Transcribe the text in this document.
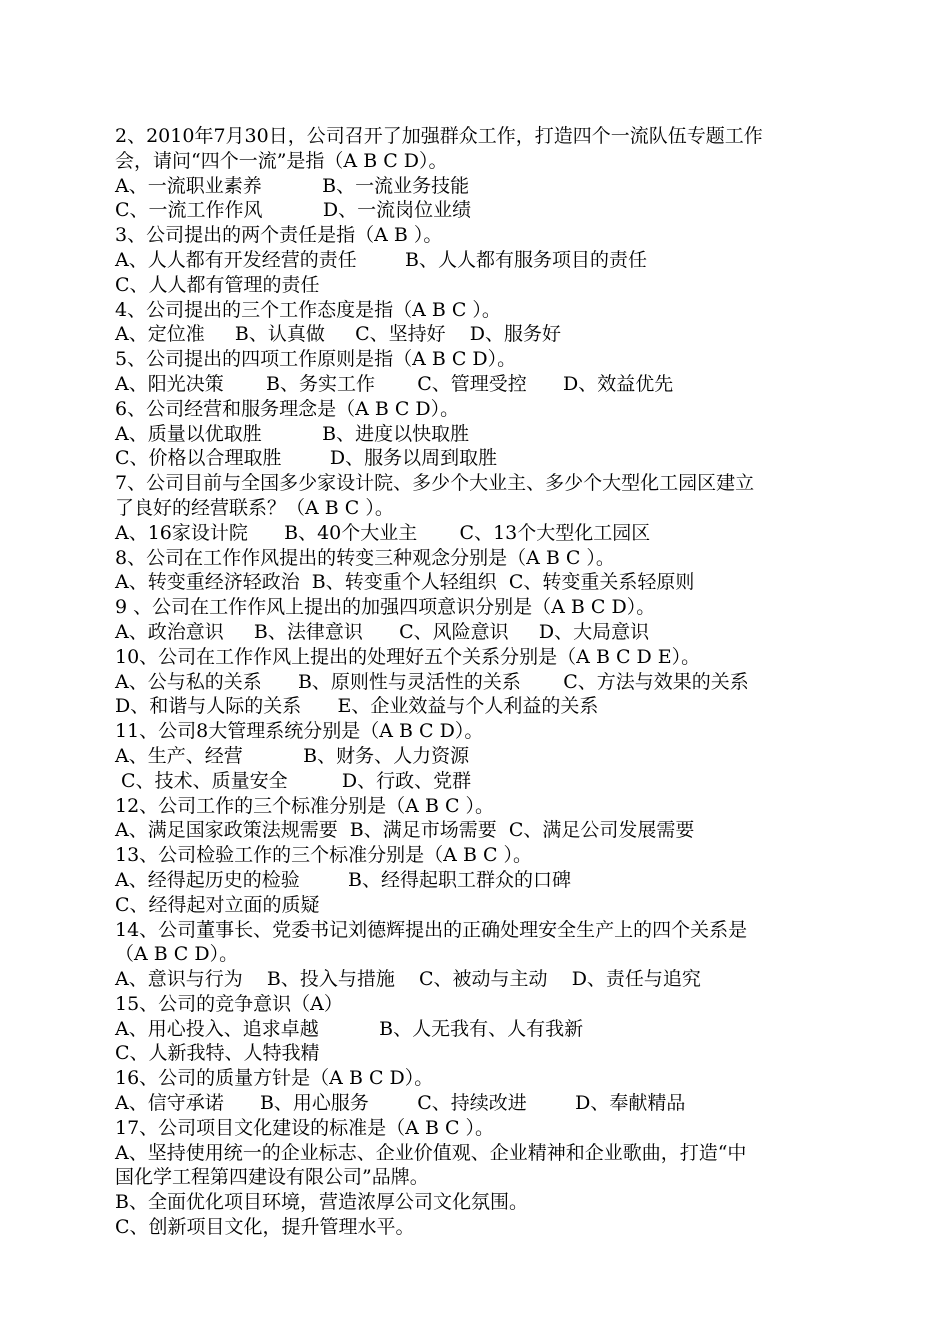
2、2010年7月30日，公司召开了加强群众工作，打造四个一流队伍专题工作
会，请问“四个一流”是指（A B C D）。
A、一流职业素养          B、一流业务技能
C、一流工作作风          D、一流岗位业绩
3、公司提出的两个责任是指（A B ）。
A、人人都有开发经营的责任        B、人人都有服务项目的责任
C、人人都有管理的责任
4、公司提出的三个工作态度是指（A B C ）。
A、定位准     B、认真做     C、坚持好    D、服务好
5、公司提出的四项工作原则是指（A B C D）。
A、阳光决策       B、务实工作       C、管理受控      D、效益优先
6、公司经营和服务理念是（A B C D）。
A、质量以优取胜          B、进度以快取胜
C、价格以合理取胜        D、服务以周到取胜
7、公司目前与全国多少家设计院、多少个大业主、多少个大型化工园区建立
了良好的经营联系？（A B C ）。
A、16家设计院      B、40个大业主       C、13个大型化工园区
8、公司在工作作风提出的转变三种观念分别是（A B C ）。
A、转变重经济轻政治  B、转变重个人轻组织  C、转变重关系轻原则
9 、公司在工作作风上提出的加强四项意识分别是（A B C D）。
A、政治意识     B、法律意识      C、风险意识     D、大局意识
10、公司在工作作风上提出的处理好五个关系分别是（A B C D E）。
A、公与私的关系      B、原则性与灵活性的关系       C、方法与效果的关系
D、和谐与人际的关系      E、企业效益与个人利益的关系
11、公司8大管理系统分别是（A B C D）。
A、生产、经营          B、财务、人力资源
C、技术、质量安全         D、行政、党群
12、公司工作的三个标准分别是（A B C ）。
A、满足国家政策法规需要  B、满足市场需要  C、满足公司发展需要
13、公司检验工作的三个标准分别是（A B C ）。
A、经得起历史的检验        B、经得起职工群众的口碑
C、经得起对立面的质疑
14、公司董事长、党委书记刘德辉提出的正确处理安全生产上的四个关系是
（A B C D）。
A、意识与行为    B、投入与措施    C、被动与主动    D、责任与追究
15、公司的竞争意识（A）
A、用心投入、追求卓越          B、人无我有、人有我新
C、人新我特、人特我精
16、公司的质量方针是（A B C D）。
A、信守承诺      B、用心服务        C、持续改进        D、奉献精品
17、公司项目文化建设的标准是（A B C ）。
A、坚持使用统一的企业标志、企业价值观、企业精神和企业歌曲，打造“中
国化学工程第四建设有限公司”品牌。
B、全面优化项目环境，营造浓厚公司文化氛围。
C、创新项目文化，提升管理水平。
